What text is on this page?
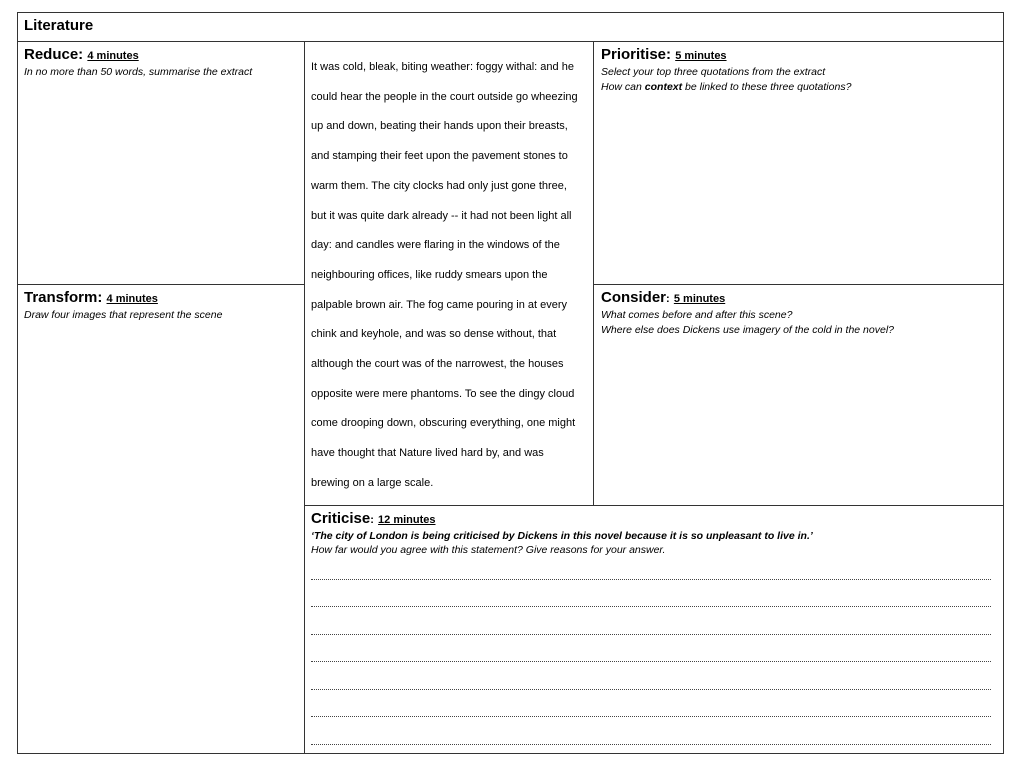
Literature
Reduce: 4 minutes
In no more than 50 words, summarise the extract
Transform: 4 minutes
Draw four images that represent the scene

It was cold, bleak, biting weather: foggy withal: and he

could hear the people in the court outside go wheezing

up and down, beating their hands upon their breasts,

and stamping their feet upon the pavement stones to

warm them. The city clocks had only just gone three,

but it was quite dark already -- it had not been light all

day: and candles were flaring in the windows of the

neighbouring offices, like ruddy smears upon the

palpable brown air. The fog came pouring in at every

chink and keyhole, and was so dense without, that

although the court was of the narrowest, the houses

opposite were mere phantoms. To see the dingy cloud

come drooping down, obscuring everything, one might

have thought that Nature lived hard by, and was

brewing on a large scale.

Prioritise: 5 minutes
Select your top three quotations from the extract
How can context be linked to these three quotations?
Consider: 5 minutes
What comes before and after this scene?
Where else does Dickens use imagery of the cold in the novel?
Criticise: 12 minutes
‘The city of London is being criticised by Dickens in this novel because it is so unpleasant to live in.’
How far would you agree with this statement? Give reasons for your answer.
